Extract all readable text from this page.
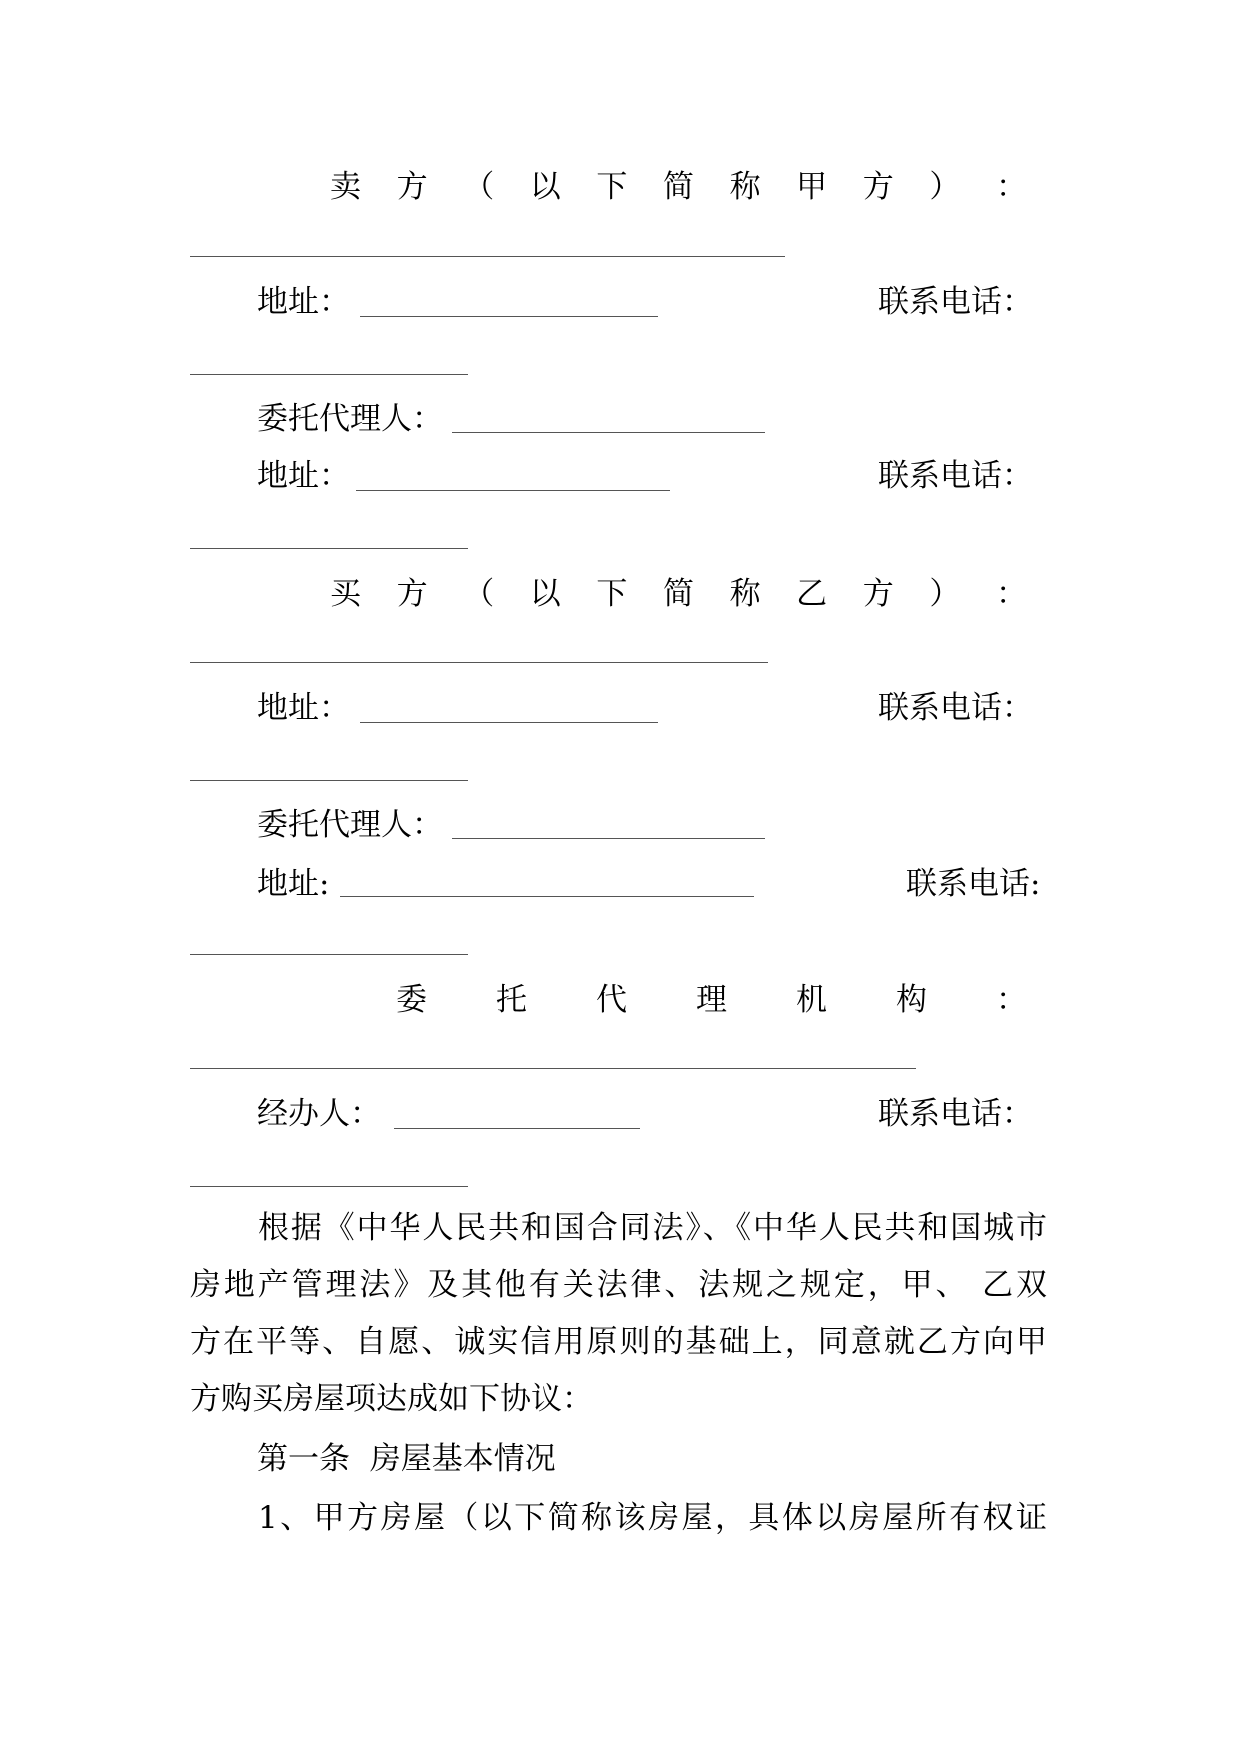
卖 方 （ 以 下 简 称 甲 方 ） ：
地址：	联系电话：
委托代理人：
地址：	联系电话：
买 方 （ 以 下 简 称 乙 方 ） ：
地址：	联系电话：
委托代理人：
地址:	联系电话:
委 托 代 理 机 构 ：
经办人：	联系电话：
根据《中华人民共和国合同法》、《中华人民共和国城市
房地产管理法》及其他有关法律、法规之规定，甲、 乙双
方在平等、自愿、诚实信用原则的基础上，同意就乙方向甲
方购买房屋项达成如下协议：
第一条  房屋基本情况
1、甲方房屋（以下简称该房屋，具体以房屋所有权证
